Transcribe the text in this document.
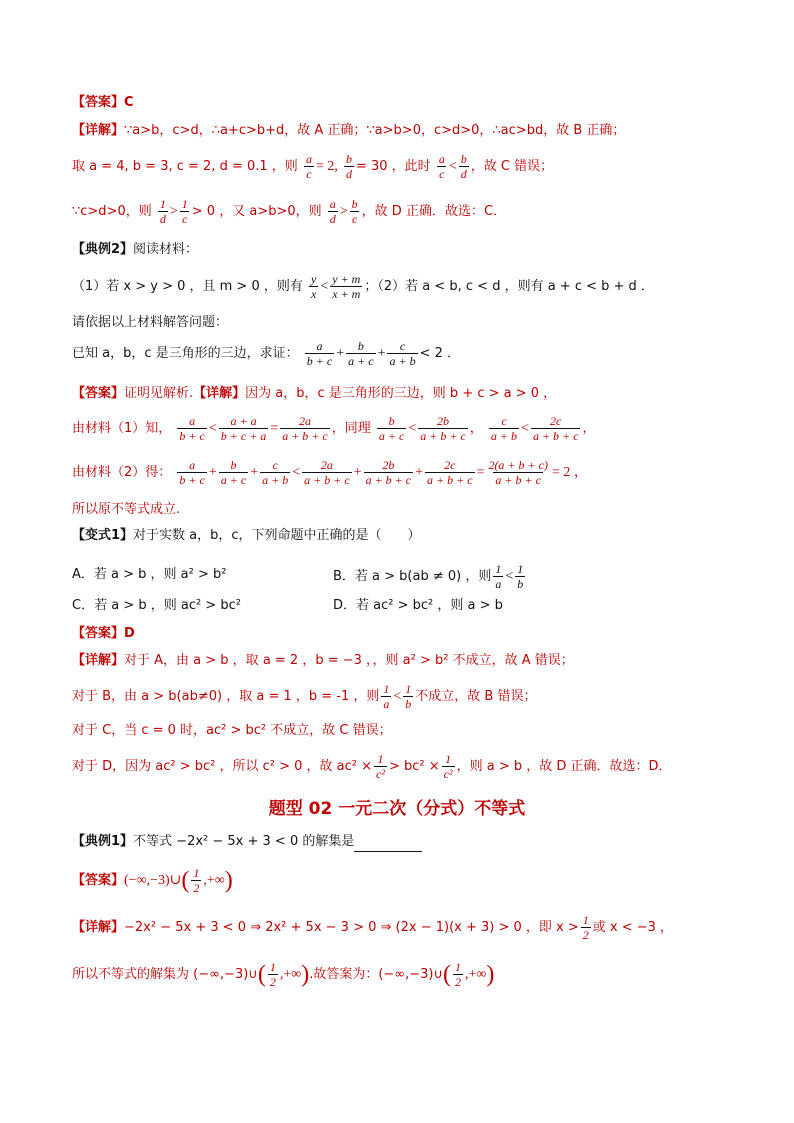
【答案】C
【详解】∵a>b，c>d，∴a+c>b+d，故 A 正确；∵a>b>0，c>d>0，∴ac>bd，故 B 正确；
取 a = 4, b = 3, c = 2, d = 0.1 ，则 $\frac{a}{c} = 2$, $\frac{b}{d} = 30$ ，此时 $\frac{a}{c} < \frac{b}{d}$ ，故 C 错误；
∵c>d>0，则 $\frac{1}{d} > \frac{1}{c} > 0$ ，又 a>b>0，则 $\frac{a}{d} > \frac{b}{c}$ ，故 D 正确．故选：C．
【典例2】阅读材料：
（1）若 x > y > 0 ，且 m > 0 ，则有 $\frac{y}{x} < \frac{y + m}{x + m}$ ；（2）若 a < b, c < d ，则有 a + c < b + d ．
请依据以上材料解答问题：
已知 a，b，c 是三角形的三边，求证： $\frac{a}{b + c} + \frac{b}{a + c} + \frac{c}{a + b} < 2$ ．
【答案】证明见解析.【详解】因为 a，b，c 是三角形的三边，则 b + c > a > 0 ，
由材料（1）知， $\frac{a}{b + c} < \frac{a + a}{b + c + a} = \frac{2a}{a + b + c}$ ，同理 $\frac{b}{a + c} < \frac{2b}{a + b + c}$ ， $\frac{c}{a + b} < \frac{2c}{a + b + c}$ ，
由材料（2）得： $\frac{a}{b + c} + \frac{b}{a + c} + \frac{c}{a + b} < \frac{2a}{a + b + c} + \frac{2b}{a + b + c} + \frac{2c}{a + b + c} = \frac{2(a + b + c)}{a + b + c} = 2$ ，
所以原不等式成立.
【变式1】对于实数 a，b，c，下列命题中正确的是（　　）
A．若 a > b ，则 a² > b²	B．若 a > b(ab ≠ 0) ，则 $\frac{1}{a} < \frac{1}{b}$
C．若 a > b ，则 ac² > bc²	D．若 ac² > bc² ，则 a > b
【答案】D
【详解】对于 A，由 a > b ，取 a = 2 ，b = −3 ，，则 a² > b² 不成立，故 A 错误；
对于 B，由 a > b(ab≠0) ，取 a = 1 ，b = -1 ，则 $\frac{1}{a} < \frac{1}{b}$ 不成立，故 B 错误；
对于 C，当 c = 0 时，ac² > bc² 不成立，故 C 错误；
对于 D，因为 ac² > bc² ，所以 c² > 0 ，故 $ac^2 \times \frac{1}{\text{c²}} > bc^2 \times \frac{1}{\text{c²}}$ ，则 a > b ，故 D 正确．故选：D．
题型 02 一元二次（分式）不等式
【典例1】不等式 −2x² − 5x + 3 < 0 的解集是
【答案】(−∞,−3)∪( $\frac{1}{2}$ ,+∞)
【详解】−2x² − 5x + 3 < 0 ⇒ 2x² + 5x − 3 > 0 ⇒ (2x − 1)(x + 3) > 0 ，即 $x > \frac{1}{2}$ 或 x < −3 ，
所以不等式的解集为 (−∞,−3)∪( $\frac{1}{2}$ ,+∞).故答案为：(−∞,−3)∪( $\frac{1}{2}$ ,+∞)
